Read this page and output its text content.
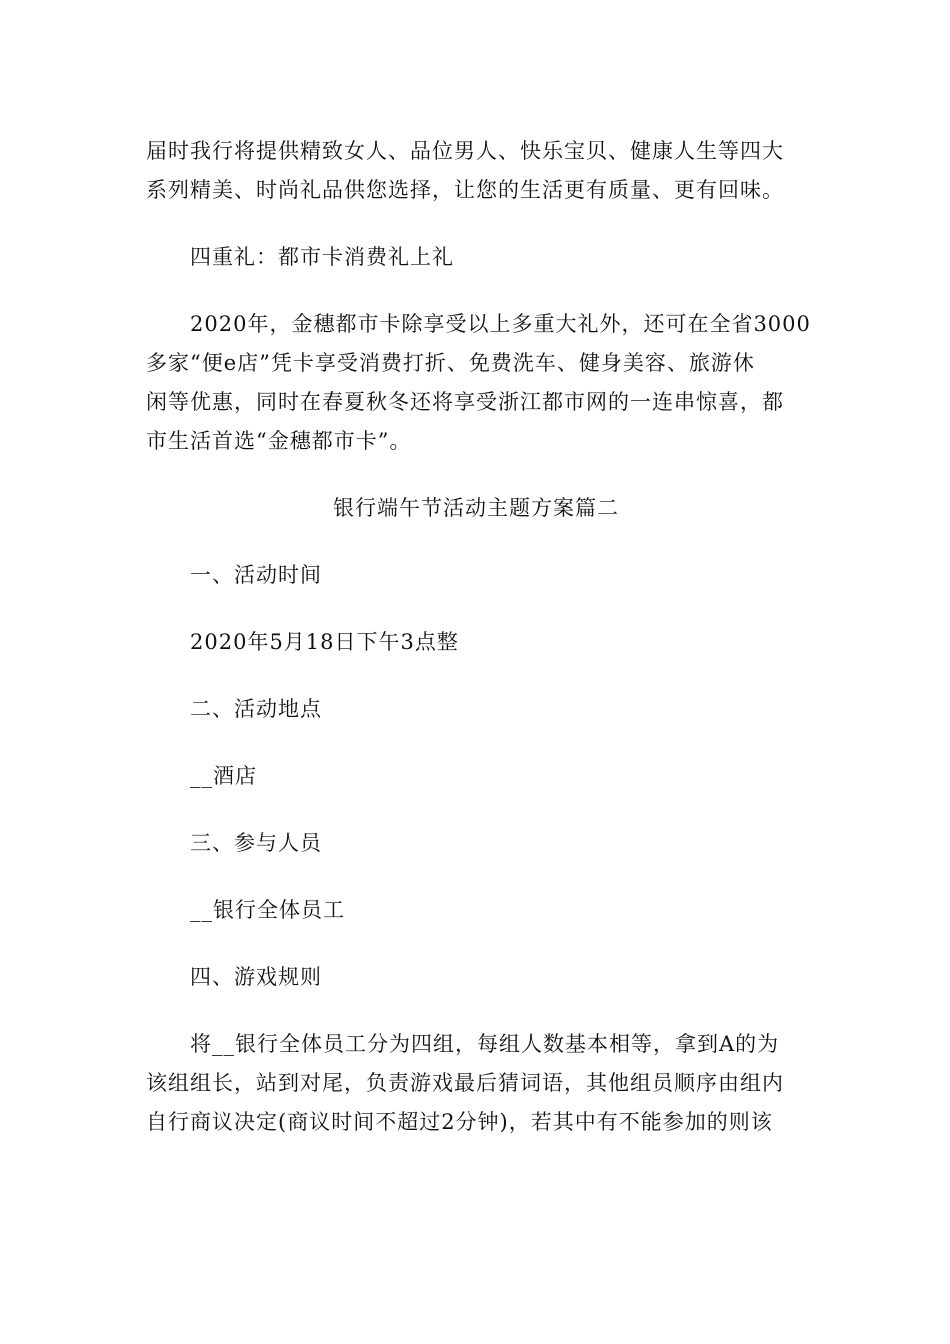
届时我行将提供精致女人、品位男人、快乐宝贝、健康人生等四大
系列精美、时尚礼品供您选择，让您的生活更有质量、更有回味。
四重礼：都市卡消费礼上礼
2020年，金穗都市卡除享受以上多重大礼外，还可在全省3000
多家“便e店”凭卡享受消费打折、免费洗车、健身美容、旅游休
闲等优惠，同时在春夏秋冬还将享受浙江都市网的一连串惊喜，都
市生活首选“金穗都市卡”。
银行端午节活动主题方案篇二
一、活动时间
2020年5月18日下午3点整
二、活动地点
__酒店
三、参与人员
__银行全体员工
四、游戏规则
将__银行全体员工分为四组，每组人数基本相等，拿到A的为
该组组长，站到对尾，负责游戏最后猜词语，其他组员顺序由组内
自行商议决定(商议时间不超过2分钟)，若其中有不能参加的则该
